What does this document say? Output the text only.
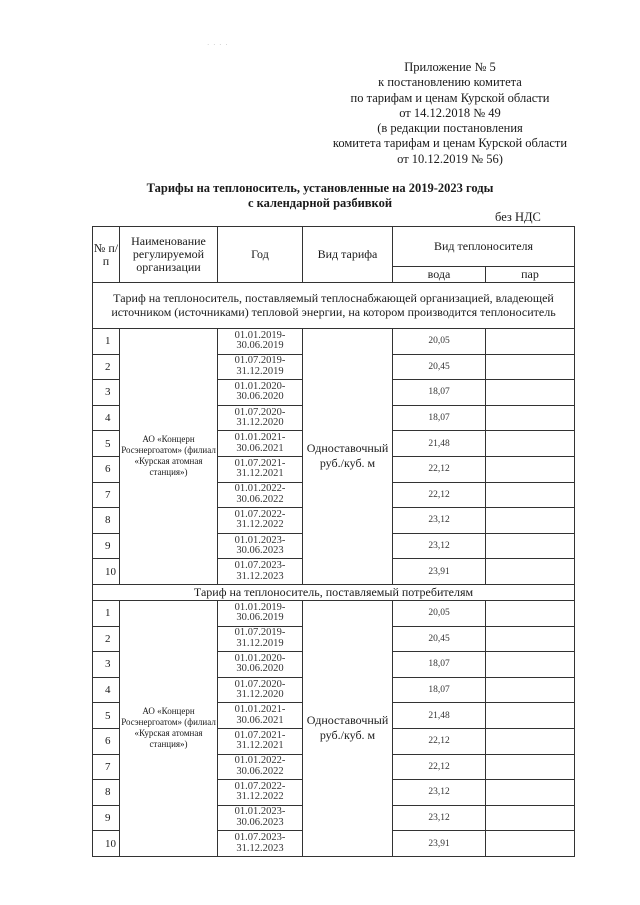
· · · ·
Приложение № 5
к постановлению комитета
по тарифам и ценам Курской области
от 14.12.2018 № 49
(в редакции постановления
комитета тарифам и ценам Курской области
от 10.12.2019 № 56)
Тарифы на теплоноситель, установленные на 2019-2023 годы
с календарной разбивкой
без НДС
№ п/п	Наименование регулируемой организации	Год	Вид тарифа	Вид теплоносителя	
				вода	пар
Тариф на теплоноситель, поставляемый теплоснабжающей организацией, владеющей источником (источниками) тепловой энергии, на котором производится теплоноситель					
1	АО «Концерн Росэнергоатом» (филиал «Курская атомная станция»)	01.01.2019-30.06.2019	Одноставочный руб./куб. м	20,05	
2		01.07.2019-31.12.2019		20,45	
3		01.01.2020-30.06.2020		18,07	
4		01.07.2020-31.12.2020		18,07	
5		01.01.2021-30.06.2021		21,48	
6		01.07.2021-31.12.2021		22,12	
7		01.01.2022-30.06.2022		22,12	
8		01.07.2022-31.12.2022		23,12	
9		01.01.2023-30.06.2023		23,12	
10		01.07.2023-31.12.2023		23,91	
Тариф на теплоноситель, поставляемый потребителям					
1	АО «Концерн Росэнергоатом» (филиал «Курская атомная станция»)	01.01.2019-30.06.2019	Одноставочный руб./куб. м	20,05	
2		01.07.2019-31.12.2019		20,45	
3		01.01.2020-30.06.2020		18,07	
4		01.07.2020-31.12.2020		18,07	
5		01.01.2021-30.06.2021		21,48	
6		01.07.2021-31.12.2021		22,12	
7		01.01.2022-30.06.2022		22,12	
8		01.07.2022-31.12.2022		23,12	
9		01.01.2023-30.06.2023		23,12	
10		01.07.2023-31.12.2023		23,91	
